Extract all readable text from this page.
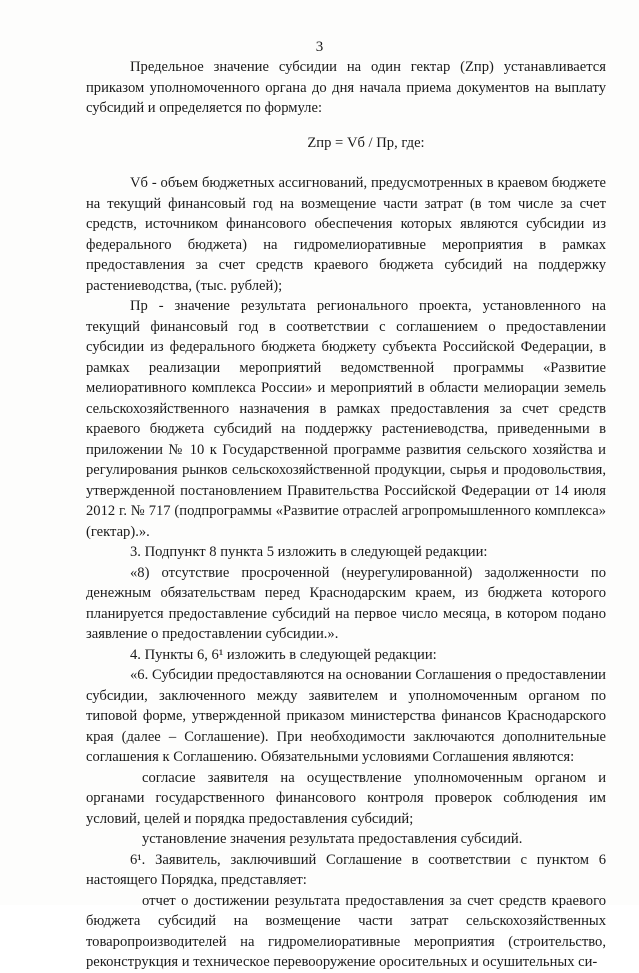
3

Предельное значение субсидии на один гектар (Zпр) устанавливается приказом уполномоченного органа до дня начала приема документов на выплату субсидий и определяется по формуле:

Zпр = Vб / Пр, где:

Vб - объем бюджетных ассигнований, предусмотренных в краевом бюджете на текущий финансовый год на возмещение части затрат (в том числе за счет средств, источником финансового обеспечения которых являются субсидии из федерального бюджета) на гидромелиоративные мероприятия в рамках предоставления за счет средств краевого бюджета субсидий на поддержку растениеводства, (тыс. рублей);

Пр - значение результата регионального проекта, установленного на текущий финансовый год в соответствии с соглашением о предоставлении субсидии из федерального бюджета бюджету субъекта Российской Федерации, в рамках реализации мероприятий ведомственной программы «Развитие мелиоративного комплекса России» и мероприятий в области мелиорации земель сельскохозяйственного назначения в рамках предоставления за счет средств краевого бюджета субсидий на поддержку растениеводства, приведенными в приложении № 10 к Государственной программе развития сельского хозяйства и регулирования рынков сельскохозяйственной продукции, сырья и продовольствия, утвержденной постановлением Правительства Российской Федерации от 14 июля 2012 г. № 717 (подпрограммы «Развитие отраслей агропромышленного комплекса» (гектар).».

3. Подпункт 8 пункта 5 изложить в следующей редакции:

«8) отсутствие просроченной (неурегулированной) задолженности по денежным обязательствам перед Краснодарским краем, из бюджета которого планируется предоставление субсидий на первое число месяца, в котором подано заявление о предоставлении субсидии.».

4. Пункты 6, 6¹ изложить в следующей редакции:

«6. Субсидии предоставляются на основании Соглашения о предоставлении субсидии, заключенного между заявителем и уполномоченным органом по типовой форме, утвержденной приказом министерства финансов Краснодарского края (далее – Соглашение). При необходимости заключаются дополнительные соглашения к Соглашению. Обязательными условиями Соглашения являются:

согласие заявителя на осуществление уполномоченным органом и органами государственного финансового контроля проверок соблюдения им условий, целей и порядка предоставления субсидий;

установление значения результата предоставления субсидий.

6¹. Заявитель, заключивший Соглашение в соответствии с пунктом 6 настоящего Порядка, представляет:

отчет о достижении результата предоставления за счет средств краевого бюджета субсидий на возмещение части затрат сельскохозяйственных товаропроизводителей на гидромелиоративные мероприятия (строительство, реконструкция и техническое перевооружение оросительных и осушительных си-
